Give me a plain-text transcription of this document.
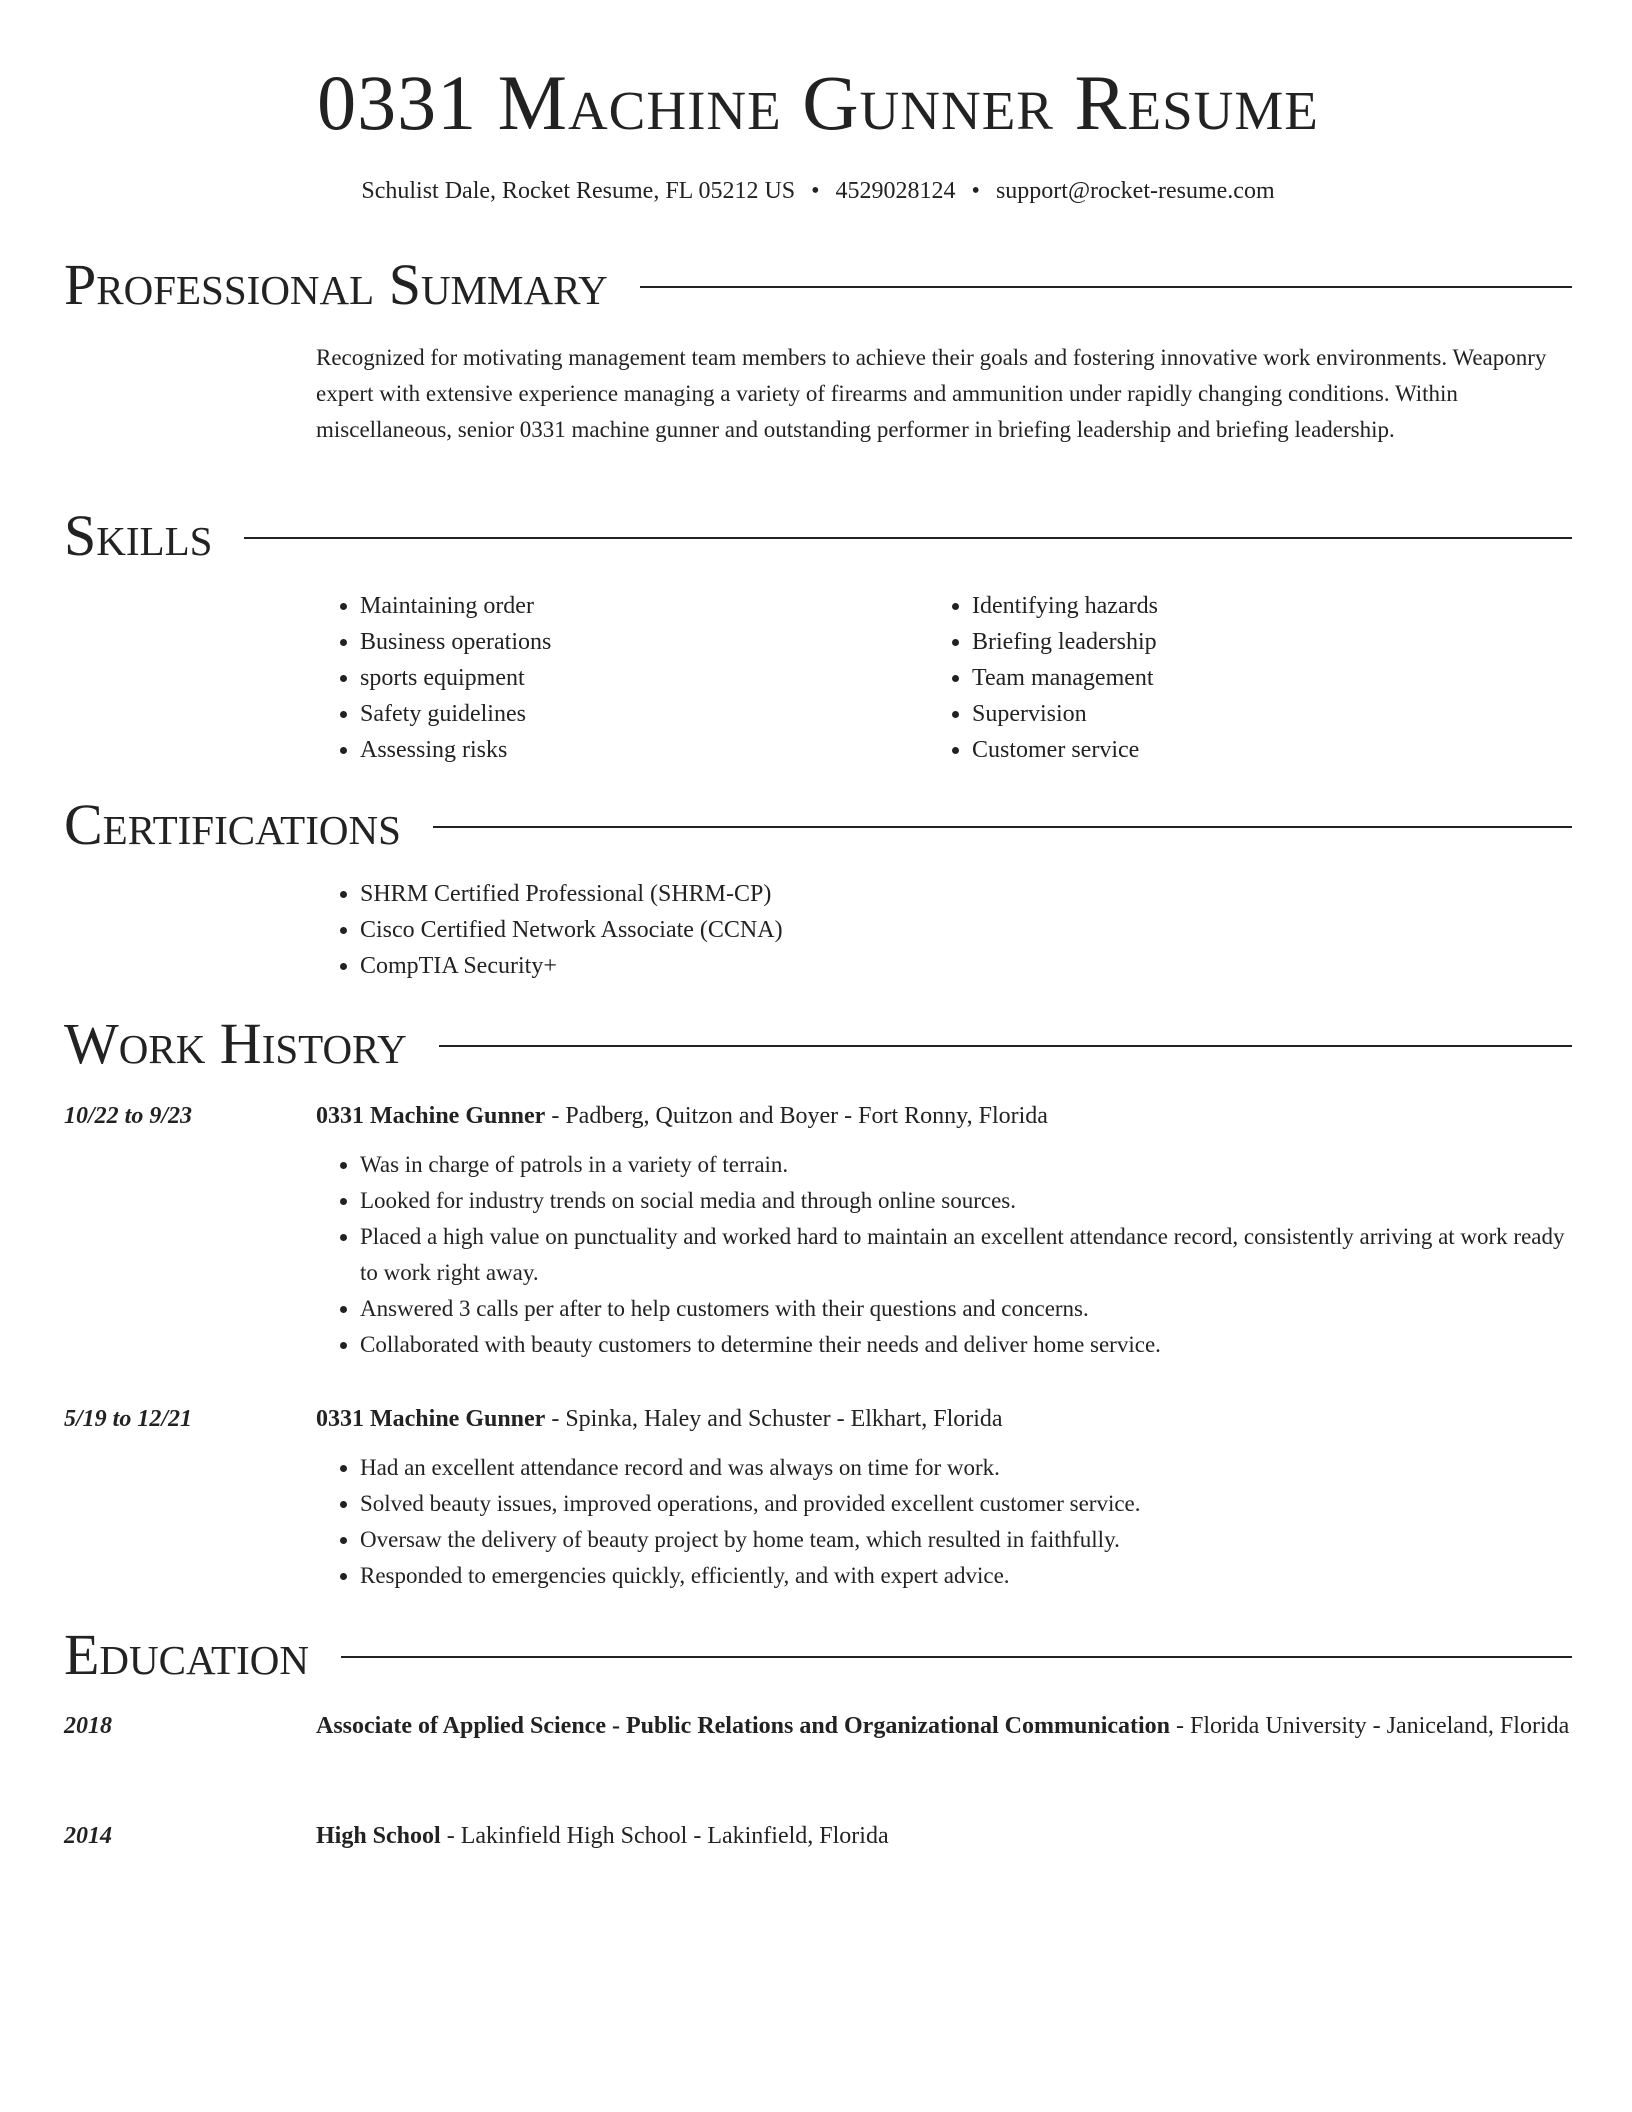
0331 Machine Gunner Resume
Schulist Dale, Rocket Resume, FL 05212 US • 4529028124 • support@rocket-resume.com
Professional Summary

Recognized for motivating management team members to achieve their goals and fostering innovative work environments. Weaponry expert with extensive experience managing a variety of firearms and ammunition under rapidly changing conditions. Within miscellaneous, senior 0331 machine gunner and outstanding performer in briefing leadership and briefing leadership.

Skills
• Maintaining order
• Business operations
• sports equipment
• Safety guidelines
• Assessing risks
• Identifying hazards
• Briefing leadership
• Team management
• Supervision
• Customer service
Certifications
• SHRM Certified Professional (SHRM-CP)
• Cisco Certified Network Associate (CCNA)
• CompTIA Security+
Work History
10/22 to 9/23	0331 Machine Gunner - Padberg, Quitzon and Boyer - Fort Ronny, Florida
• Was in charge of patrols in a variety of terrain.
• Looked for industry trends on social media and through online sources.
• Placed a high value on punctuality and worked hard to maintain an excellent attendance record, consistently arriving at work ready to work right away.
• Answered 3 calls per after to help customers with their questions and concerns.
• Collaborated with beauty customers to determine their needs and deliver home service.
5/19 to 12/21	0331 Machine Gunner - Spinka, Haley and Schuster - Elkhart, Florida
• Had an excellent attendance record and was always on time for work.
• Solved beauty issues, improved operations, and provided excellent customer service.
• Oversaw the delivery of beauty project by home team, which resulted in faithfully.
• Responded to emergencies quickly, efficiently, and with expert advice.
Education
2018	Associate of Applied Science - Public Relations and Organizational Communication - Florida University - Janiceland, Florida
2014	High School - Lakinfield High School - Lakinfield, Florida
